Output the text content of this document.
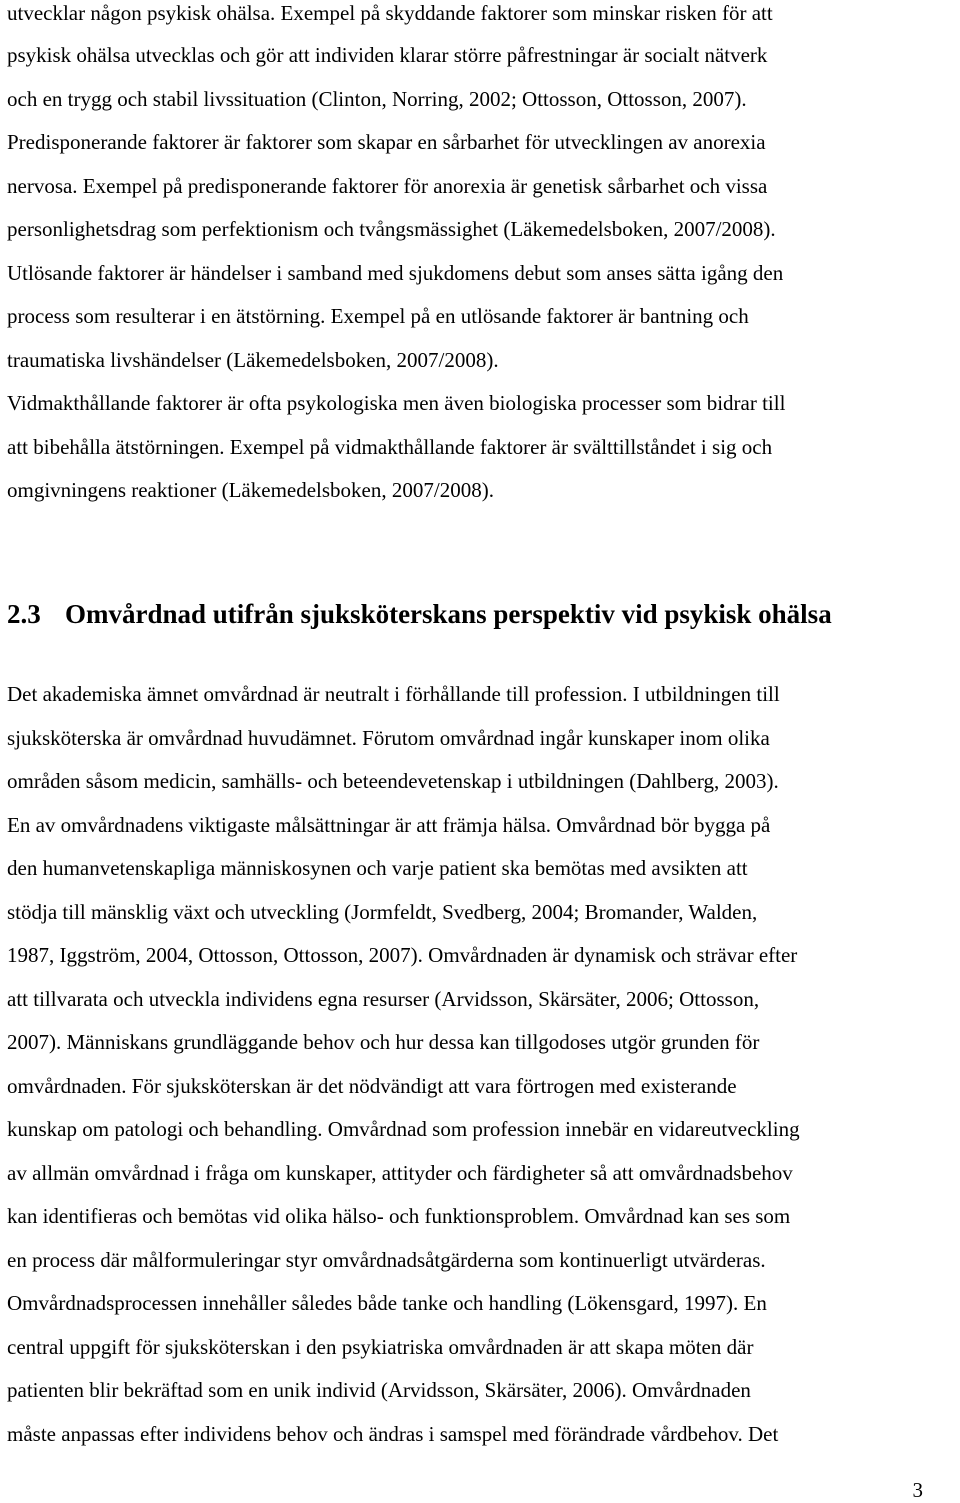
utvecklar någon psykisk ohälsa. Exempel på skyddande faktorer som minskar risken för att

psykisk ohälsa utvecklas och gör att individen klarar större påfrestningar är socialt nätverk

och en trygg och stabil livssituation (Clinton, Norring, 2002; Ottosson, Ottosson, 2007).

Predisponerande faktorer är faktorer som skapar en sårbarhet för utvecklingen av anorexia

nervosa. Exempel på predisponerande faktorer för anorexia är genetisk sårbarhet och vissa

personlighetsdrag som perfektionism och tvångsmässighet (Läkemedelsboken, 2007/2008).

Utlösande faktorer är händelser i samband med sjukdomens debut som anses sätta igång den

process som resulterar i en ätstörning. Exempel på en utlösande faktorer är bantning och

traumatiska livshändelser (Läkemedelsboken, 2007/2008).

Vidmakthållande faktorer är ofta psykologiska men även biologiska processer som bidrar till

att bibehålla ätstörningen. Exempel på vidmakthållande faktorer är svälttillståndet i sig och

omgivningens reaktioner (Läkemedelsboken, 2007/2008).

2.3 Omvårdnad utifrån sjuksköterskans perspektiv vid psykisk ohälsa

Det akademiska ämnet omvårdnad är neutralt i förhållande till profession. I utbildningen till

sjuksköterska är omvårdnad huvudämnet. Förutom omvårdnad ingår kunskaper inom olika

områden såsom medicin, samhälls- och beteendevetenskap i utbildningen (Dahlberg, 2003).

En av omvårdnadens viktigaste målsättningar är att främja hälsa. Omvårdnad bör bygga på

den humanvetenskapliga människosynen och varje patient ska bemötas med avsikten att

stödja till mänsklig växt och utveckling (Jormfeldt, Svedberg, 2004; Bromander, Walden,

1987, Iggström, 2004, Ottosson, Ottosson, 2007). Omvårdnaden är dynamisk och strävar efter

att tillvarata och utveckla individens egna resurser (Arvidsson, Skärsäter, 2006; Ottosson,

2007). Människans grundläggande behov och hur dessa kan tillgodoses utgör grunden för

omvårdnaden. För sjuksköterskan är det nödvändigt att vara förtrogen med existerande

kunskap om patologi och behandling. Omvårdnad som profession innebär en vidareutveckling

av allmän omvårdnad i fråga om kunskaper, attityder och färdigheter så att omvårdnadsbehov

kan identifieras och bemötas vid olika hälso- och funktionsproblem. Omvårdnad kan ses som

en process där målformuleringar styr omvårdnadsåtgärderna som kontinuerligt utvärderas.

Omvårdnadsprocessen innehåller således både tanke och handling (Lökensgard, 1997). En

central uppgift för sjuksköterskan i den psykiatriska omvårdnaden är att skapa möten där

patienten blir bekräftad som en unik individ (Arvidsson, Skärsäter, 2006). Omvårdnaden

måste anpassas efter individens behov och ändras i samspel med förändrade vårdbehov. Det

3
